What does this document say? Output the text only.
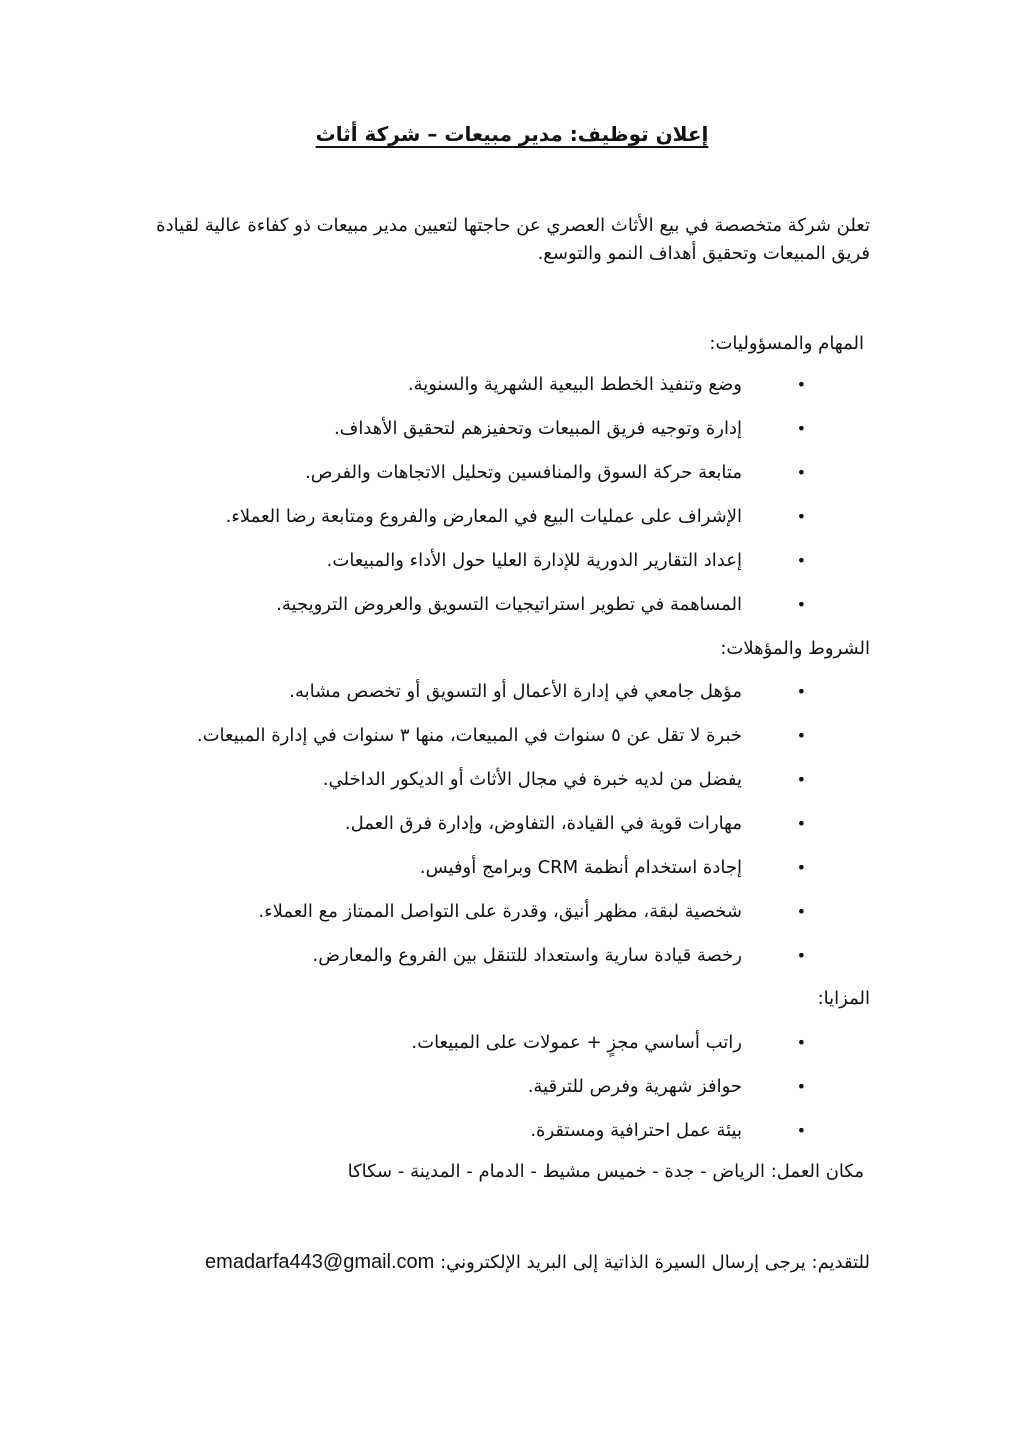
إعلان توظيف: مدير مبيعات – شركة أثاث
تعلن شركة متخصصة في بيع الأثاث العصري عن حاجتها لتعيين مدير مبيعات ذو كفاءة عالية لقيادة فريق المبيعات وتحقيق أهداف النمو والتوسع.
المهام والمسؤوليات:
•
وضع وتنفيذ الخطط البيعية الشهرية والسنوية.
•
إدارة وتوجيه فريق المبيعات وتحفيزهم لتحقيق الأهداف.
•
متابعة حركة السوق والمنافسين وتحليل الاتجاهات والفرص.
•
الإشراف على عمليات البيع في المعارض والفروع ومتابعة رضا العملاء.
•
إعداد التقارير الدورية للإدارة العليا حول الأداء والمبيعات.
•
المساهمة في تطوير استراتيجيات التسويق والعروض الترويجية.
الشروط والمؤهلات:
•
مؤهل جامعي في إدارة الأعمال أو التسويق أو تخصص مشابه.
•
خبرة لا تقل عن ٥ سنوات في المبيعات، منها ٣ سنوات في إدارة المبيعات.
•
يفضل من لديه خبرة في مجال الأثاث أو الديكور الداخلي.
•
مهارات قوية في القيادة، التفاوض، وإدارة فرق العمل.
•
إجادة استخدام أنظمة CRM وبرامج أوفيس.
•
شخصية لبقة، مظهر أنيق، وقدرة على التواصل الممتاز مع العملاء.
•
رخصة قيادة سارية واستعداد للتنقل بين الفروع والمعارض.
المزايا:
•
راتب أساسي مجزٍ + عمولات على المبيعات.
•
حوافز شهرية وفرص للترقية.
•
بيئة عمل احترافية ومستقرة.
مكان العمل: الرياض - جدة - خميس مشيط - الدمام - المدينة - سكاكا
للتقديم: يرجى إرسال السيرة الذاتية إلى البريد الإلكتروني: emadarfa443@gmail.com
